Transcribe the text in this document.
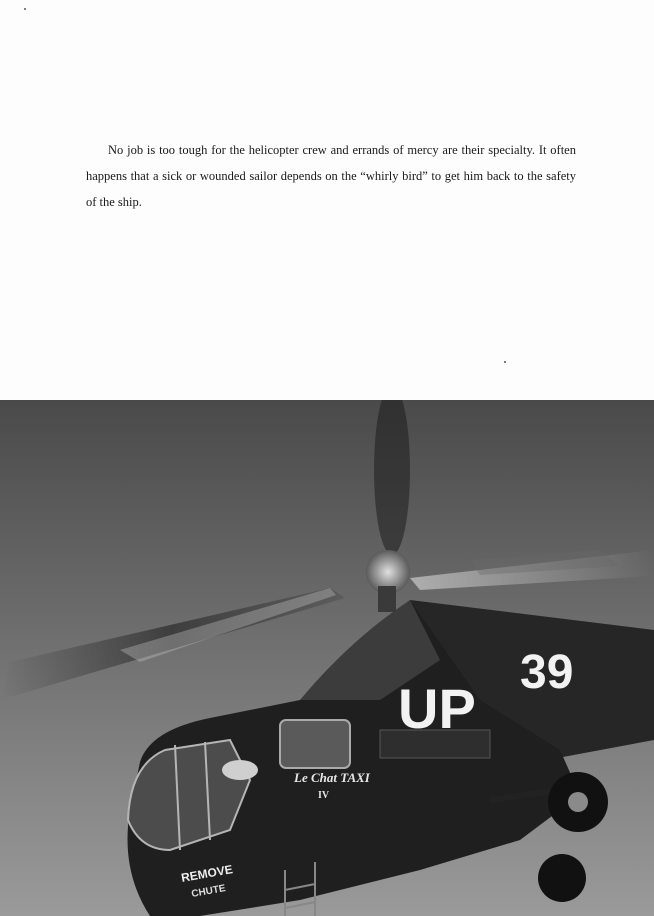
No job is too tough for the helicopter crew and errands of mercy are their specialty. It often happens that a sick or wounded sailor depends on the “whirly bird” to get him back to the safety of the ship.

UP
39
Le Chat TAXI
IV
REMOVE
CHUTE
